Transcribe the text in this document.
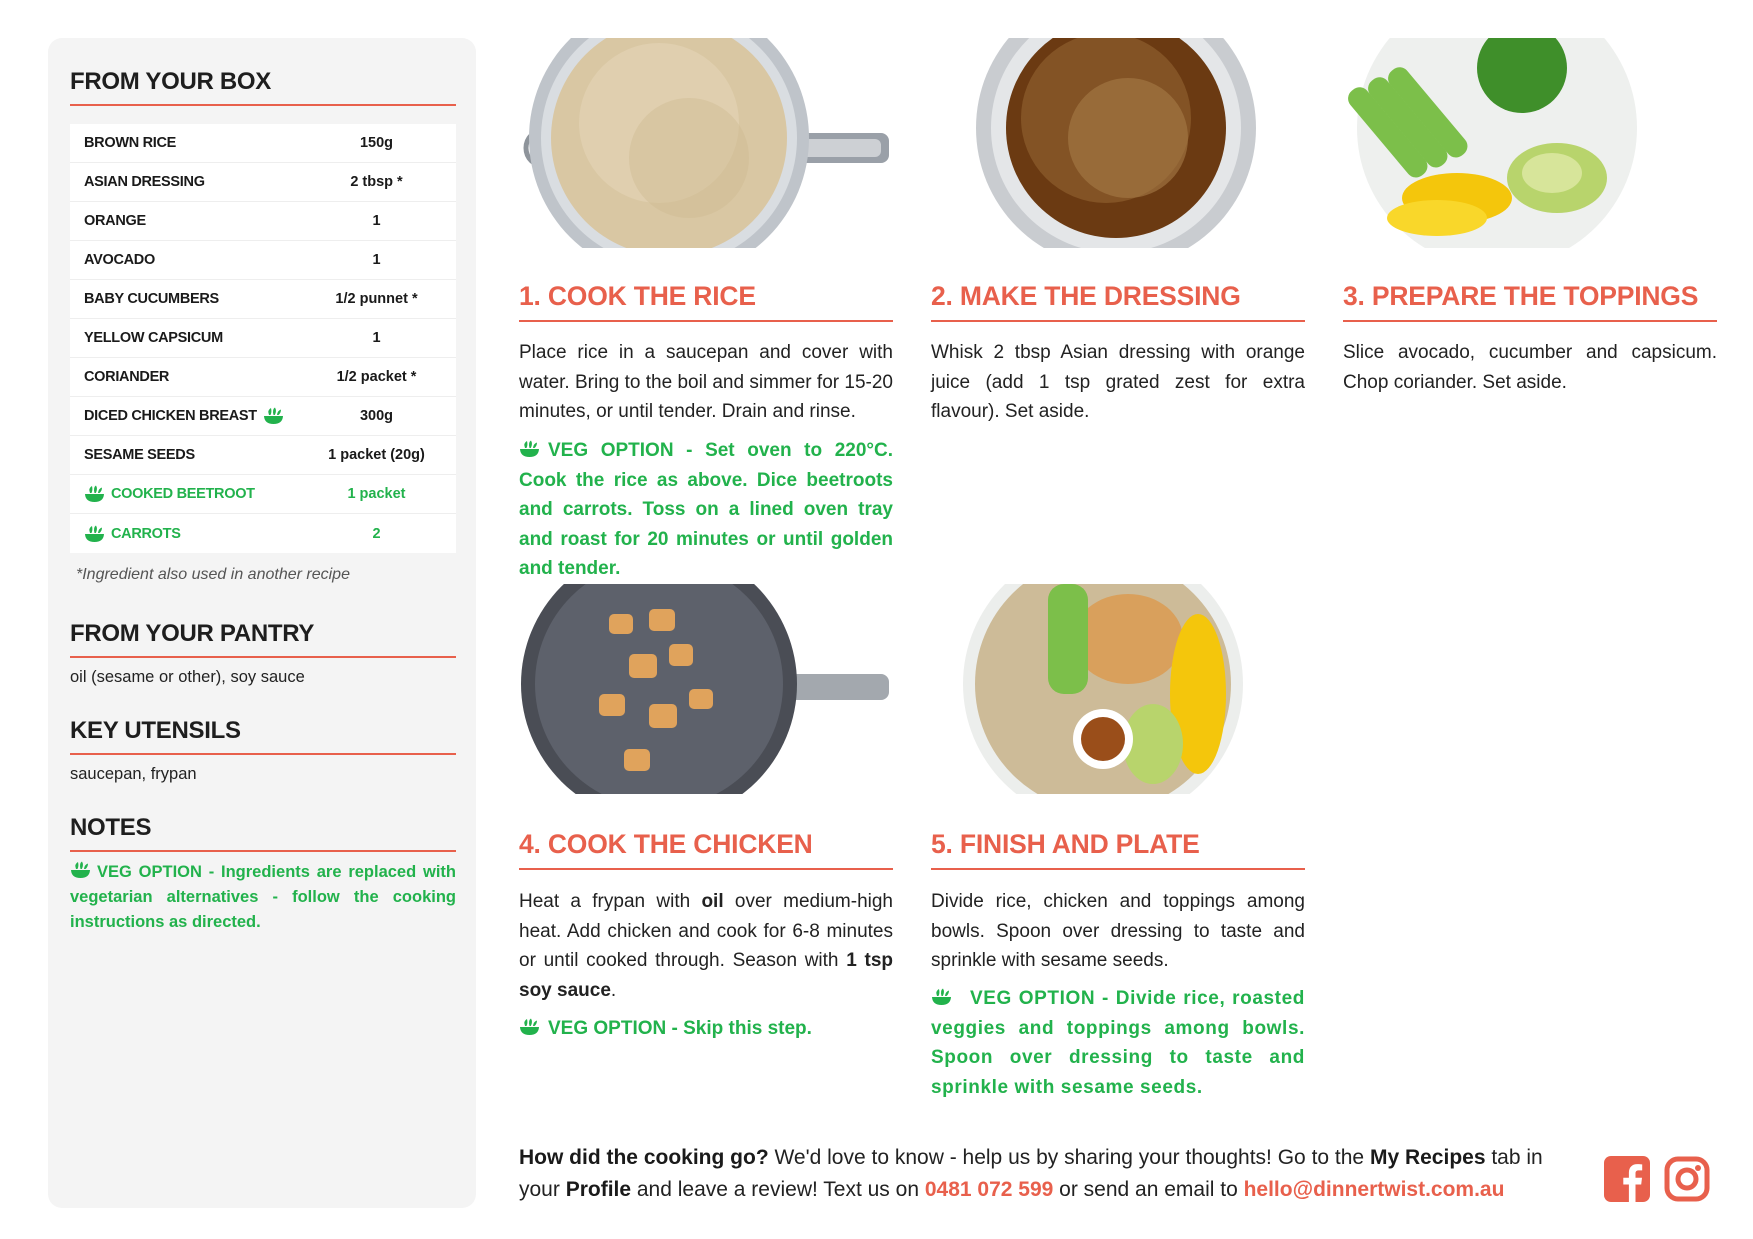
FROM YOUR BOX
BROWN RICE	150g
ASIAN DRESSING	2 tbsp *
ORANGE	1
AVOCADO	1
BABY CUCUMBERS	1/2 punnet *
YELLOW CAPSICUM	1
CORIANDER	1/2 packet *
DICED CHICKEN BREAST	300g
SESAME SEEDS	1 packet (20g)
COOKED BEETROOT	1 packet
CARROTS	2
*Ingredient also used in another recipe
FROM YOUR PANTRY
oil (sesame or other), soy sauce
KEY UTENSILS
saucepan, frypan
NOTES
VEG OPTION - Ingredients are replaced with vegetarian alternatives - follow the cooking instructions as directed.
1. COOK THE RICE
Place rice in a saucepan and cover with water. Bring to the boil and simmer for 15-20 minutes, or until tender. Drain and rinse.
VEG OPTION - Set oven to 220°C. Cook the rice as above. Dice beetroots and carrots. Toss on a lined oven tray and roast for 20 minutes or until golden and tender.
2. MAKE THE DRESSING
Whisk 2 tbsp Asian dressing with orange juice (add 1 tsp grated zest for extra flavour). Set aside.
3. PREPARE THE TOPPINGS
Slice avocado, cucumber and capsicum. Chop coriander. Set aside.
4. COOK THE CHICKEN
Heat a frypan with oil over medium-high heat. Add chicken and cook for 6-8 minutes or until cooked through. Season with 1 tsp soy sauce.
VEG OPTION - Skip this step.
5. FINISH AND PLATE
Divide rice, chicken and toppings among bowls. Spoon over dressing to taste and sprinkle with sesame seeds.
VEG OPTION - Divide rice, roasted veggies and toppings among bowls. Spoon over dressing to taste and sprinkle with sesame seeds.
How did the cooking go? We'd love to know - help us by sharing your thoughts! Go to the My Recipes tab in your Profile and leave a review! Text us on 0481 072 599 or send an email to hello@dinnertwist.com.au
